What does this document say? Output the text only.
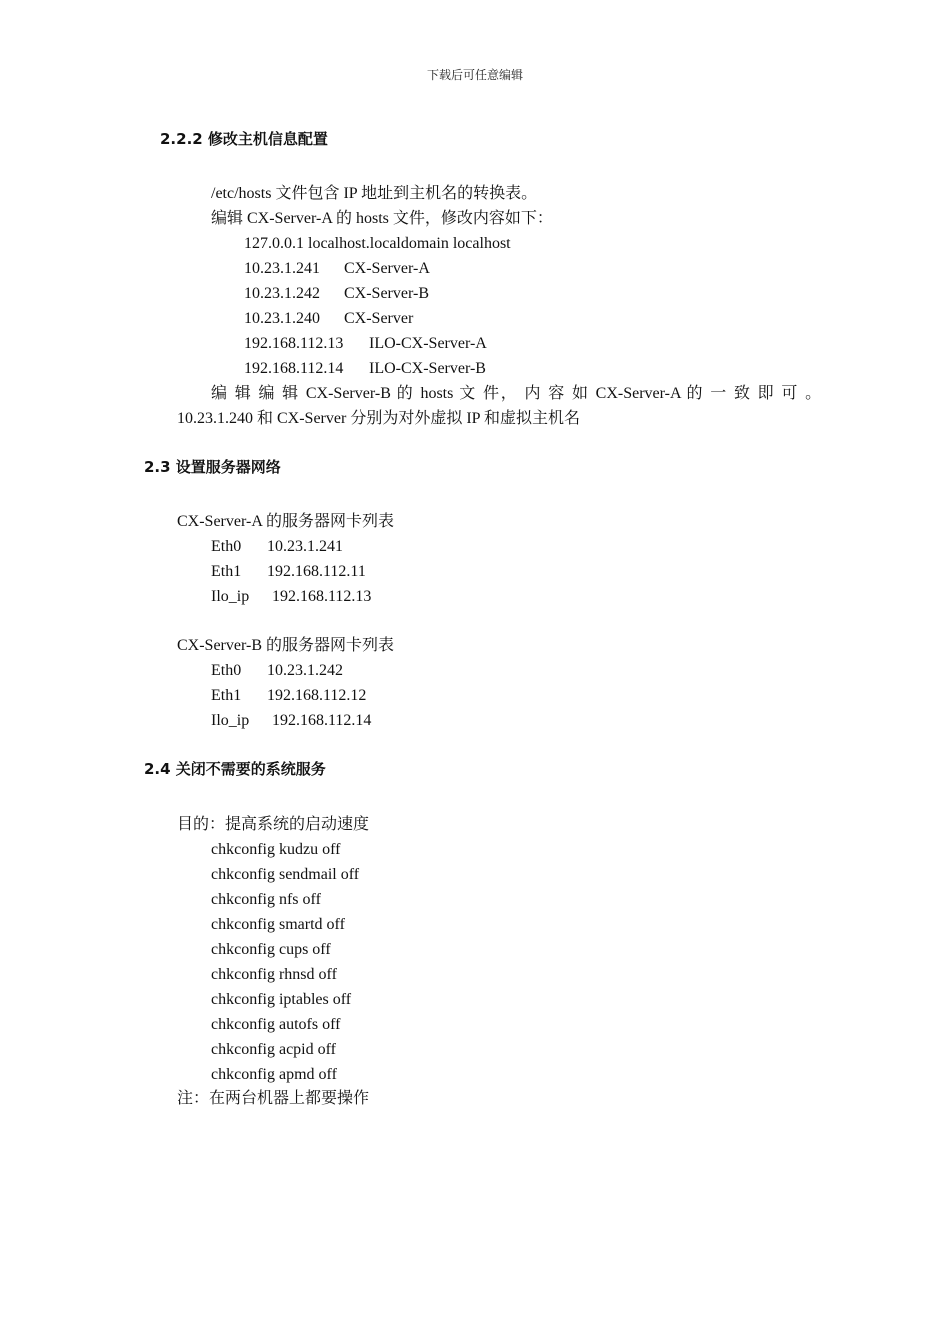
下载后可任意编辑
2.2.2 修改主机信息配置
/etc/hosts 文件包含 IP 地址到主机名的转换表。
编辑 CX-Server-A 的 hosts 文件，修改内容如下：
127.0.0.1 localhost.localdomain localhost
10.23.1.241 CX-Server-A
10.23.1.242 CX-Server-B
10.23.1.240 CX-Server
192.168.112.13 ILO-CX-Server-A
192.168.112.14 ILO-CX-Server-B
编 辑 编 辑 CX-Server-B 的 hosts 文 件， 内 容 如 CX-Server-A 的 一 致 即 可 。
10.23.1.240 和 CX-Server 分别为对外虚拟 IP 和虚拟主机名
2.3 设置服务器网络
CX-Server-A 的服务器网卡列表
Eth0 10.23.1.241
Eth1 192.168.112.11
Ilo_ip 192.168.112.13
CX-Server-B 的服务器网卡列表
Eth0 10.23.1.242
Eth1 192.168.112.12
Ilo_ip 192.168.112.14
2.4 关闭不需要的系统服务
目的：提高系统的启动速度
chkconfig kudzu off
chkconfig sendmail off
chkconfig nfs off
chkconfig smartd off
chkconfig cups off
chkconfig rhnsd off
chkconfig iptables off
chkconfig autofs off
chkconfig acpid off
chkconfig apmd off
注：在两台机器上都要操作
